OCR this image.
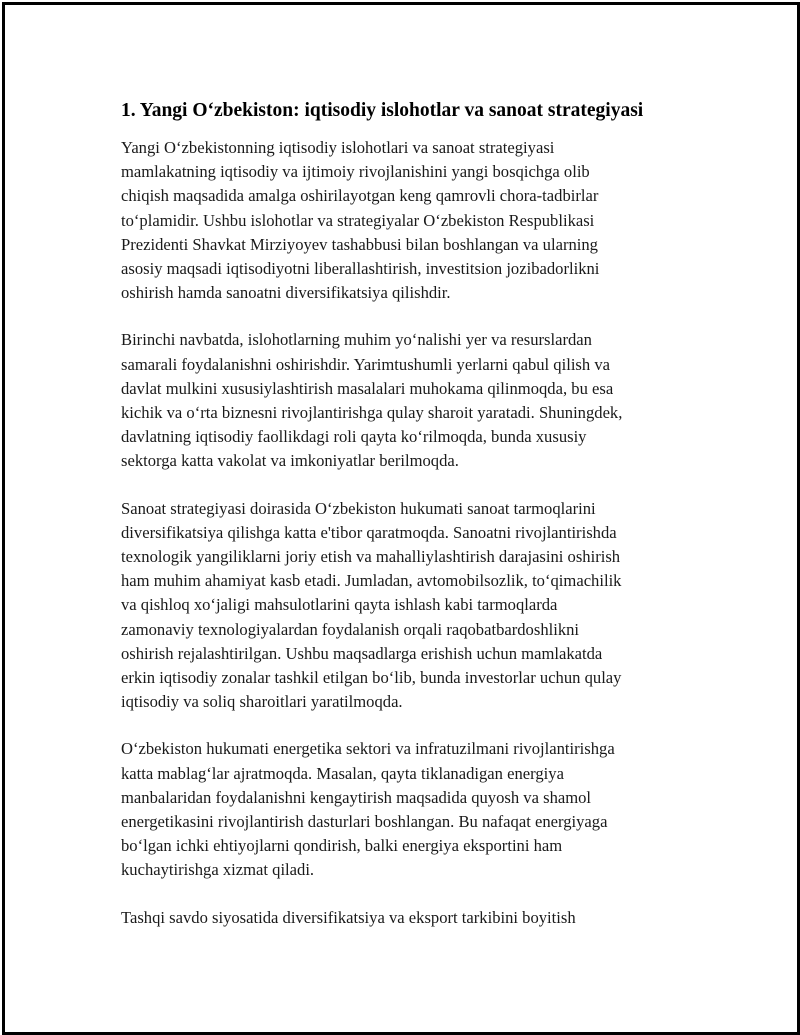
1. Yangi O‘zbekiston: iqtisodiy islohotlar va sanoat strategiyasi

Yangi O‘zbekistonning iqtisodiy islohotlari va sanoat strategiyasi
mamlakatning iqtisodiy va ijtimoiy rivojlanishini yangi bosqichga olib
chiqish maqsadida amalga oshirilayotgan keng qamrovli chora-tadbirlar
to‘plamidir. Ushbu islohotlar va strategiyalar O‘zbekiston Respublikasi
Prezidenti Shavkat Mirziyoyev tashabbusi bilan boshlangan va ularning
asosiy maqsadi iqtisodiyotni liberallashtirish, investitsion jozibadorlikni
oshirish hamda sanoatni diversifikatsiya qilishdir.

Birinchi navbatda, islohotlarning muhim yo‘nalishi yer va resurslardan
samarali foydalanishni oshirishdir. Yarimtushumli yerlarni qabul qilish va
davlat mulkini xususiylashtirish masalalari muhokama qilinmoqda, bu esa
kichik va o‘rta biznesni rivojlantirishga qulay sharoit yaratadi. Shuningdek,
davlatning iqtisodiy faollikdagi roli qayta ko‘rilmoqda, bunda xususiy
sektorga katta vakolat va imkoniyatlar berilmoqda.

Sanoat strategiyasi doirasida O‘zbekiston hukumati sanoat tarmoqlarini
diversifikatsiya qilishga katta e'tibor qaratmoqda. Sanoatni rivojlantirishda
texnologik yangiliklarni joriy etish va mahalliylashtirish darajasini oshirish
ham muhim ahamiyat kasb etadi. Jumladan, avtomobilsozlik, to‘qimachilik
va qishloq xo‘jaligi mahsulotlarini qayta ishlash kabi tarmoqlarda
zamonaviy texnologiyalardan foydalanish orqali raqobatbardoshlikni
oshirish rejalashtirilgan. Ushbu maqsadlarga erishish uchun mamlakatda
erkin iqtisodiy zonalar tashkil etilgan bo‘lib, bunda investorlar uchun qulay
iqtisodiy va soliq sharoitlari yaratilmoqda.

O‘zbekiston hukumati energetika sektori va infratuzilmani rivojlantirishga
katta mablag‘lar ajratmoqda. Masalan, qayta tiklanadigan energiya
manbalaridan foydalanishni kengaytirish maqsadida quyosh va shamol
energetikasini rivojlantirish dasturlari boshlangan. Bu nafaqat energiyaga
bo‘lgan ichki ehtiyojlarni qondirish, balki energiya eksportini ham
kuchaytirishga xizmat qiladi.

Tashqi savdo siyosatida diversifikatsiya va eksport tarkibini boyitish
